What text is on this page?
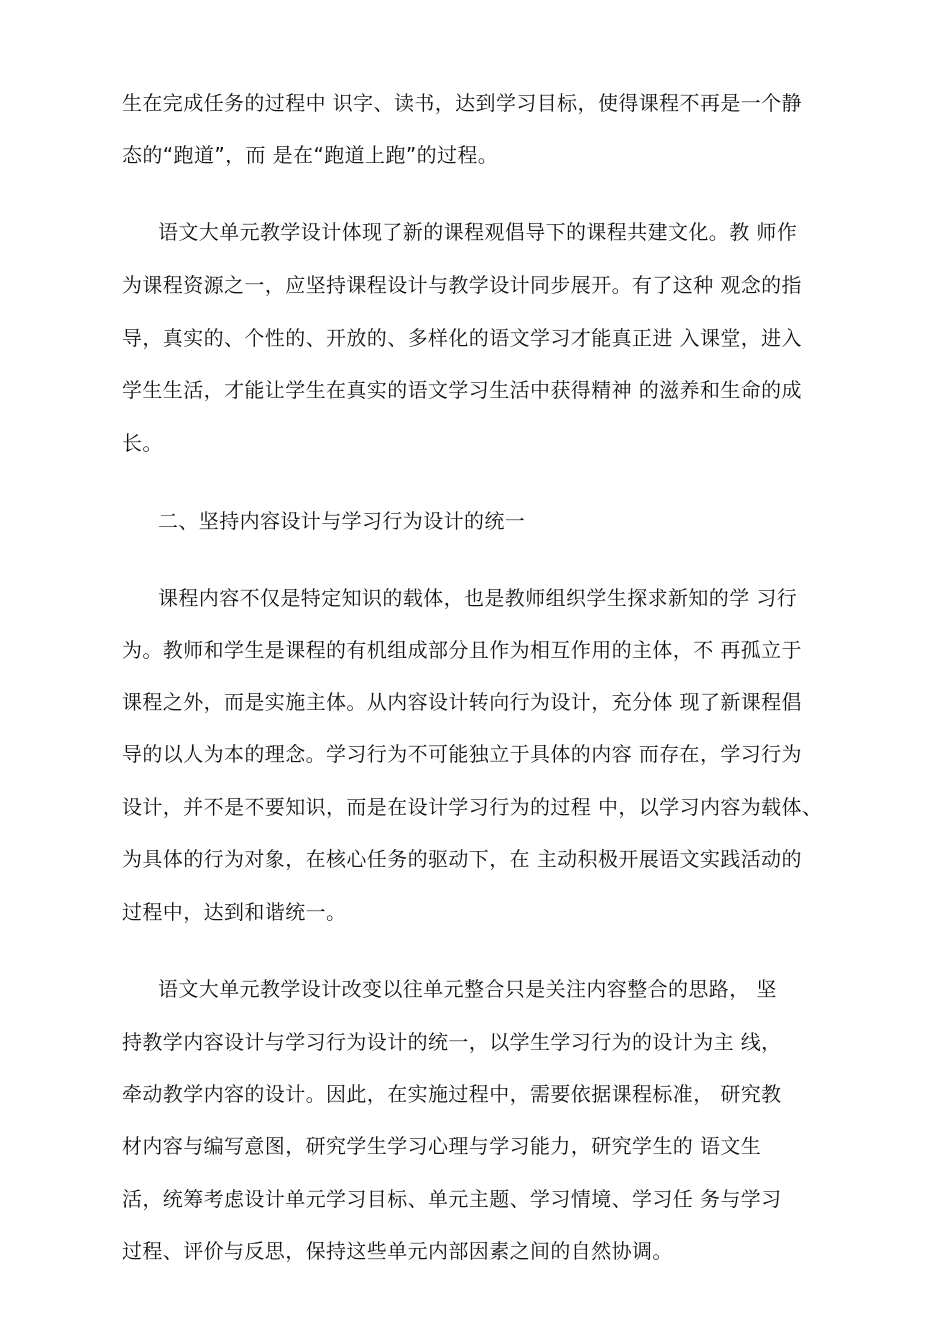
生在完成任务的过程中 识字、读书，达到学习目标，使得课程不再是一个静
态的“跑道”，而 是在“跑道上跑”的过程。
语文大单元教学设计体现了新的课程观倡导下的课程共建文化。教 师作
为课程资源之一，应坚持课程设计与教学设计同步展开。有了这种 观念的指
导，真实的、个性的、开放的、多样化的语文学习才能真正进 入课堂，进入
学生生活，才能让学生在真实的语文学习生活中获得精神 的滋养和生命的成
长。
二、坚持内容设计与学习行为设计的统一
课程内容不仅是特定知识的载体，也是教师组织学生探求新知的学 习行
为。教师和学生是课程的有机组成部分且作为相互作用的主体，不 再孤立于
课程之外，而是实施主体。从内容设计转向行为设计，充分体 现了新课程倡
导的以人为本的理念。学习行为不可能独立于具体的内容 而存在，学习行为
设计，并不是不要知识，而是在设计学习行为的过程 中，以学习内容为载体、
为具体的行为对象，在核心任务的驱动下，在 主动积极开展语文实践活动的
过程中，达到和谐统一。
语文大单元教学设计改变以往单元整合只是关注内容整合的思路， 坚
持教学内容设计与学习行为设计的统一，以学生学习行为的设计为主 线，
牵动教学内容的设计。因此，在实施过程中，需要依据课程标准， 研究教
材内容与编写意图，研究学生学习心理与学习能力，研究学生的 语文生
活，统筹考虑设计单元学习目标、单元主题、学习情境、学习任 务与学习
过程、评价与反思，保持这些单元内部因素之间的自然协调。
